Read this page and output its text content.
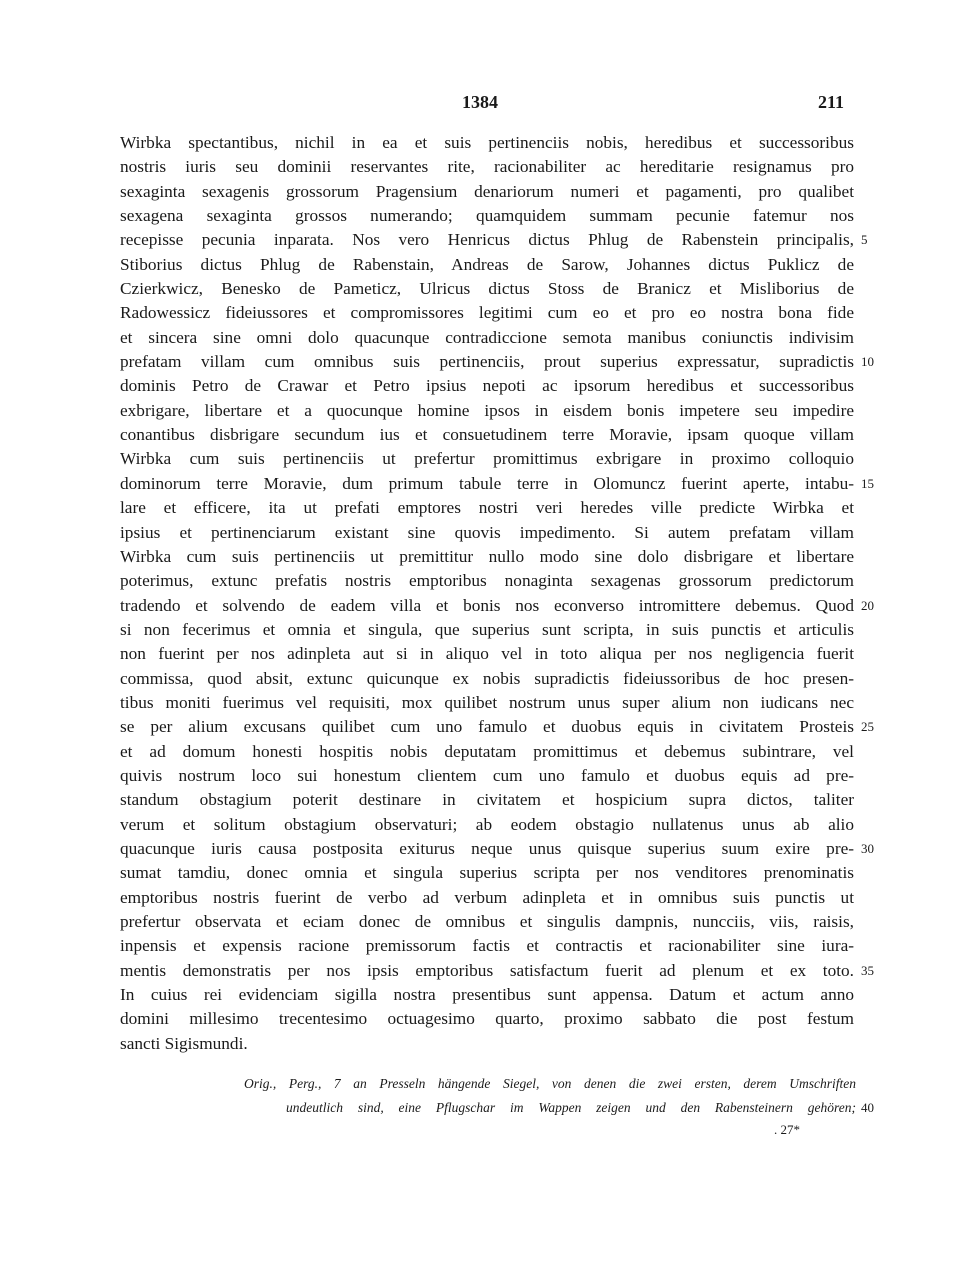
1384	211
Wirbka spectantibus, nichil in ea et suis pertinenciis nobis, heredibus et successoribus
nostris iuris seu dominii reservantes rite, racionabiliter ac hereditarie resignamus pro
sexaginta sexagenis grossorum Pragensium denariorum numeri et pagamenti, pro qualibet
sexagena sexaginta grossos numerando; quamquidem summam pecunie fatemur nos
recepisse pecunia inparata. Nos vero Henricus dictus Phlug de Rabenstein principalis,
Stiborius dictus Phlug de Rabenstain, Andreas de Sarow, Johannes dictus Puklicz de
Czierkwicz, Benesko de Pameticz, Ulricus dictus Stoss de Branicz et Misliborius de
Radowessicz fideiussores et compromissores legitimi cum eo et pro eo nostra bona fide
et sincera sine omni dolo quacunque contradiccione semota manibus coniunctis indivisim
prefatam villam cum omnibus suis pertinenciis, prout superius expressatur, supradictis
dominis Petro de Crawar et Petro ipsius nepoti ac ipsorum heredibus et successoribus
exbrigare, libertare et a quocunque homine ipsos in eisdem bonis impetere seu impedire
conantibus disbrigare secundum ius et consuetudinem terre Moravie, ipsam quoque villam
Wirbka cum suis pertinenciis ut prefertur promittimus exbrigare in proximo colloquio
dominorum terre Moravie, dum primum tabule terre in Olomuncz fuerint aperte, intabu-
lare et efficere, ita ut prefati emptores nostri veri heredes ville predicte Wirbka et
ipsius et pertinenciarum existant sine quovis impedimento. Si autem prefatam villam
Wirbka cum suis pertinenciis ut premittitur nullo modo sine dolo disbrigare et libertare
poterimus, extunc prefatis nostris emptoribus nonaginta sexagenas grossorum predictorum
tradendo et solvendo de eadem villa et bonis nos econverso intromittere debemus. Quod
si non fecerimus et omnia et singula, que superius sunt scripta, in suis punctis et articulis
non fuerint per nos adinpleta aut si in aliquo vel in toto aliqua per nos negligencia fuerit
commissa, quod absit, extunc quicunque ex nobis supradictis fideiussoribus de hoc presen-
tibus moniti fuerimus vel requisiti, mox quilibet nostrum unus super alium non iudicans nec
se per alium excusans quilibet cum uno famulo et duobus equis in civitatem Prosteis
et ad domum honesti hospitis nobis deputatam promittimus et debemus subintrare, vel
quivis nostrum loco sui honestum clientem cum uno famulo et duobus equis ad pre-
standum obstagium poterit destinare in civitatem et hospicium supra dictos, taliter
verum et solitum obstagium observaturi; ab eodem obstagio nullatenus unus ab alio
quacunque iuris causa postposita exiturus neque unus quisque superius suum exire pre-
sumat tamdiu, donec omnia et singula superius scripta per nos venditores prenominatis
emptoribus nostris fuerint de verbo ad verbum adinpleta et in omnibus suis punctis ut
prefertur observata et eciam donec de omnibus et singulis dampnis, nuncciis, viis, raisis,
inpensis et expensis racione premissorum factis et contractis et racionabiliter sine iura-
mentis demonstratis per nos ipsis emptoribus satisfactum fuerit ad plenum et ex toto.
In cuius rei evidenciam sigilla nostra presentibus sunt appensa. Datum et actum anno
domini millesimo trecentesimo octuagesimo quarto, proximo sabbato die post festum
sancti Sigismundi.
5
10
15
20
25
30
35
Orig., Perg., 7 an Presseln hängende Siegel, von denen die zwei ersten, derem Umschriften
undeutlich sind, eine Pflugschar im Wappen zeigen und den Rabensteinern gehören; 40
. 27*
